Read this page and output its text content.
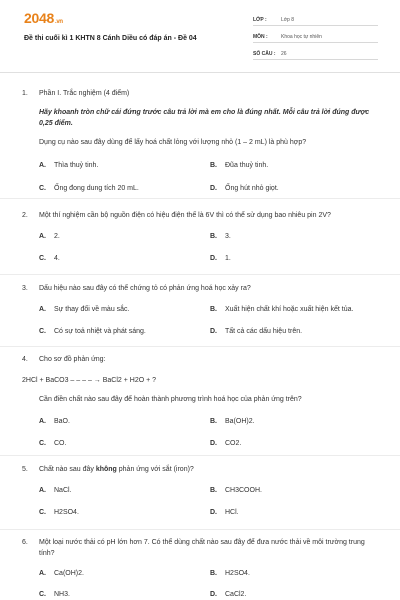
2048.vn
Đề thi cuối kì 1 KHTN 8 Cánh Diều có đáp án - Đề 04
LỚP :	Lớp 8
MÔN :	Khoa học tự nhiên
SỐ CÂU :	26
1.	Phần I. Trắc nghiệm (4 điểm)
Hãy khoanh tròn chữ cái đứng trước câu trả lời mà em cho là đúng nhất. Mỗi câu trả lời đúng được 0,25 điểm.
Dụng cụ nào sau đây dùng để lấy hoá chất lỏng với lượng nhỏ (1 – 2 mL) là phù hợp?
A. Thìa thuỷ tinh.	B. Đũa thuỷ tinh.
C. Ống đong dung tích 20 mL.	D. Ống hút nhỏ giọt.
2.	Một thí nghiệm cần bộ nguồn điện có hiệu điện thế là 6V thì có thể sử dụng bao nhiêu pin 2V?
A. 2.	B. 3.
C. 4.	D. 1.
3.	Dấu hiệu nào sau đây có thể chứng tỏ có phản ứng hoá học xảy ra?
A. Sự thay đổi về màu sắc.	B. Xuất hiện chất khí hoặc xuất hiện kết tủa.
C. Có sự toả nhiệt và phát sáng.	D. Tất cả các dấu hiệu trên.
4.	Cho sơ đồ phản ứng:
2HCl + BaCO3 – – – – → BaCl2 + H2O + ?
Cần điền chất nào sau đây để hoàn thành phương trình hoá học của phản ứng trên?
A. BaO.	B. Ba(OH)2.
C. CO.	D. CO2.
5.	Chất nào sau đây không phản ứng với sắt (iron)?
A. NaCl.	B. CH3COOH.
C. H2SO4.	D. HCl.
6.	Một loại nước thải có pH lớn hơn 7. Có thể dùng chất nào sau đây để đưa nước thải về môi trường trung tính?
A. Ca(OH)2.	B. H2SO4.
C. NH3.	D. CaCl2.
